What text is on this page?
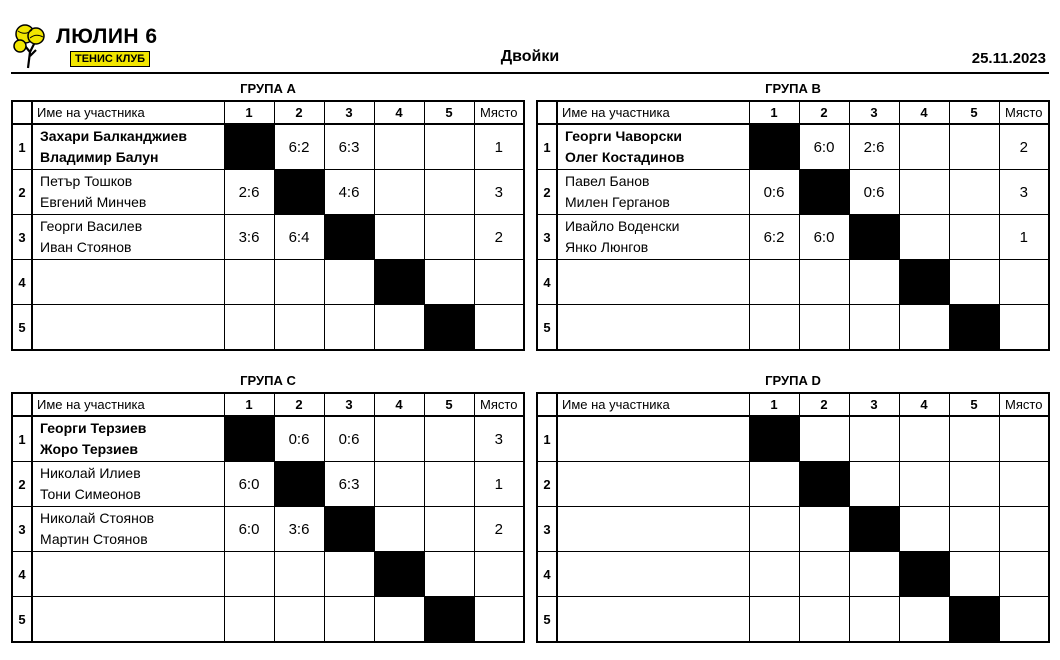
ЛЮЛИН 6
ТЕНИС КЛУБ	Двойки	25.11.2023
ГРУПА А
	Име на участника	1	2	3	4	5	Място
1	Захари Балканджиев
Владимир Балун		6:2	6:3			1
2	Петър Тошков
Евгений Минчев	2:6		4:6			3
3	Георги Василев
Иван Стоянов	3:6	6:4				2
4	

5	

ГРУПА В
	Име на участника	1	2	3	4	5	Място
1	Георги Чаворски
Олег Костадинов		6:0	2:6			2
2	Павел Банов
Милен Герганов	0:6		0:6			3
3	Ивайло Воденски
Янко Люнгов	6:2	6:0				1
4	

5	

ГРУПА С
	Име на участника	1	2	3	4	5	Място
1	Георги Терзиев
Жоро Терзиев		0:6	0:6			3
2	Николай Илиев
Тони Симеонов	6:0		6:3			1
3	Николай Стоянов
Мартин Стоянов	6:0	3:6				2
4	

5	

ГРУПА D
	Име на участника	1	2	3	4	5	Място
1	

2	

3	

4	

5	
